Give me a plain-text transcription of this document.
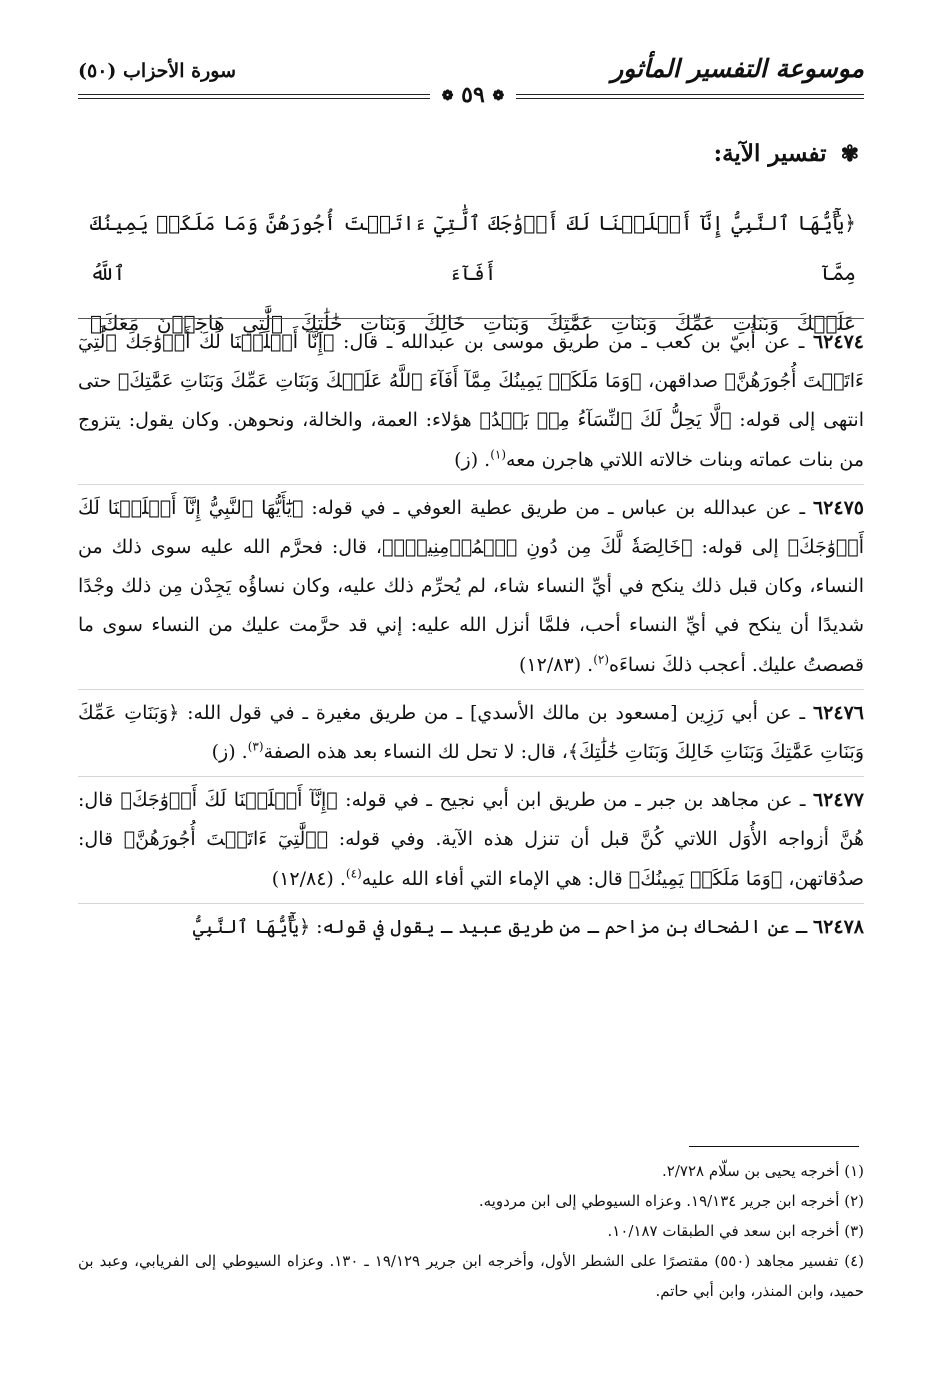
موسوعة التفسير المأثور
سورة الأحزاب (٥٠)
❁ ٥٩ ❁
✾ تفسير الآية:
﴿يَٰٓأَيُّهَا ٱلنَّبِيُّ إِنَّآ أَحۡلَلۡنَا لَكَ أَزۡوَٰجَكَ ٱلَّٰتِيٓ ءَاتَيۡتَ أُجُورَهُنَّ وَمَا مَلَكَتۡ يَمِينُكَ مِمَّآ أَفَآءَ ٱللَّهُ
عَلَيۡكَ وَبَنَاتِ عَمِّكَ وَبَنَاتِ عَمَّٰتِكَ وَبَنَاتِ خَالِكَ وَبَنَاتِ خَٰلَٰتِكَ ٱلَّٰتِي هَاجَرۡنَ مَعَكَ﴾

٦٢٤٧٤ ـ عن أُبيّ بن كعب ـ من طريق موسى بن عبدالله ـ قال: ﴿إِنَّآ أَحۡلَلۡنَا لَكَ أَزۡوَٰجَكَ ٱلَّٰتِيٓ ءَاتَيۡتَ أُجُورَهُنَّ﴾ صداقهن، ﴿وَمَا مَلَكَتۡ يَمِينُكَ مِمَّآ أَفَآءَ ٱللَّهُ عَلَيۡكَ وَبَنَاتِ عَمِّكَ وَبَنَاتِ عَمَّٰتِكَ﴾ حتى انتهى إلى قوله: ﴿لَّا يَحِلُّ لَكَ ٱلنِّسَآءُ مِنۢ بَعۡدُ﴾ هؤلاء: العمة، والخالة، ونحوهن. وكان يقول: يتزوج من بنات عماته وبنات خالاته اللاتي هاجرن معه$^{(١)}$. (ز)

٦٢٤٧٥ ـ عن عبدالله بن عباس ـ من طريق عطية العوفي ـ في قوله: ﴿يَٰٓأَيُّهَا ٱلنَّبِيُّ إِنَّآ أَحۡلَلۡنَا لَكَ أَزۡوَٰجَكَ﴾ إلى قوله: ﴿خَالِصَةٗ لَّكَ مِن دُونِ ٱلۡمُؤۡمِنِينَۗ﴾، قال: فحرَّم الله عليه سوى ذلك من النساء، وكان قبل ذلك ينكح في أيِّ النساء شاء، لم يُحرِّم ذلك عليه، وكان نساؤُه يَجِدْن مِن ذلك وجْدًا شديدًا أن ينكح في أيِّ النساء أحب، فلمَّا أنزل الله عليه: إني قد حرَّمت عليك من النساء سوى ما قصصتُ عليك. أعجب ذلكَ نساءَه$^{(٢)}$. (١٢/٨٣)

٦٢٤٧٦ ـ عن أبي رَزِين [مسعود بن مالك الأسدي] ـ من طريق مغيرة ـ في قول الله: ﴿وَبَنَاتِ عَمِّكَ وَبَنَاتِ عَمَّٰتِكَ وَبَنَاتِ خَالِكَ وَبَنَاتِ خَٰلَٰتِكَ﴾، قال: لا تحل لك النساء بعد هذه الصفة$^{(٣)}$. (ز)

٦٢٤٧٧ ـ عن مجاهد بن جبر ـ من طريق ابن أبي نجيح ـ في قوله: ﴿إِنَّآ أَحۡلَلۡنَا لَكَ أَزۡوَٰجَكَ﴾ قال: هُنَّ أزواجه الأُوَل اللاتي كُنَّ قبل أن تنزل هذه الآية. وفي قوله: ﴿ٱلَّٰتِيٓ ءَاتَيۡتَ أُجُورَهُنَّ﴾ قال: صدُقاتهن، ﴿وَمَا مَلَكَتۡ يَمِينُكَ﴾ قال: هي الإماء التي أفاء الله عليه$^{(٤)}$. (١٢/٨٤)

٦٢٤٧٨ ـ عن الضحاك بن مزاحم ـ من طريق عبيد ـ يقول في قوله: ﴿يَٰٓأَيُّهَا ٱلنَّبِيُّ

(١) أخرجه يحيى بن سلّام ٢/٧٢٨.

(٢) أخرجه ابن جرير ١٩/١٣٤. وعزاه السيوطي إلى ابن مردويه.

(٣) أخرجه ابن سعد في الطبقات ١٠/١٨٧.

(٤) تفسير مجاهد (٥٥٠) مقتصرًا على الشطر الأول، وأخرجه ابن جرير ١٩/١٢٩ ـ ١٣٠. وعزاه السيوطي إلى الفريابي، وعبد بن حميد، وابن المنذر، وابن أبي حاتم.
